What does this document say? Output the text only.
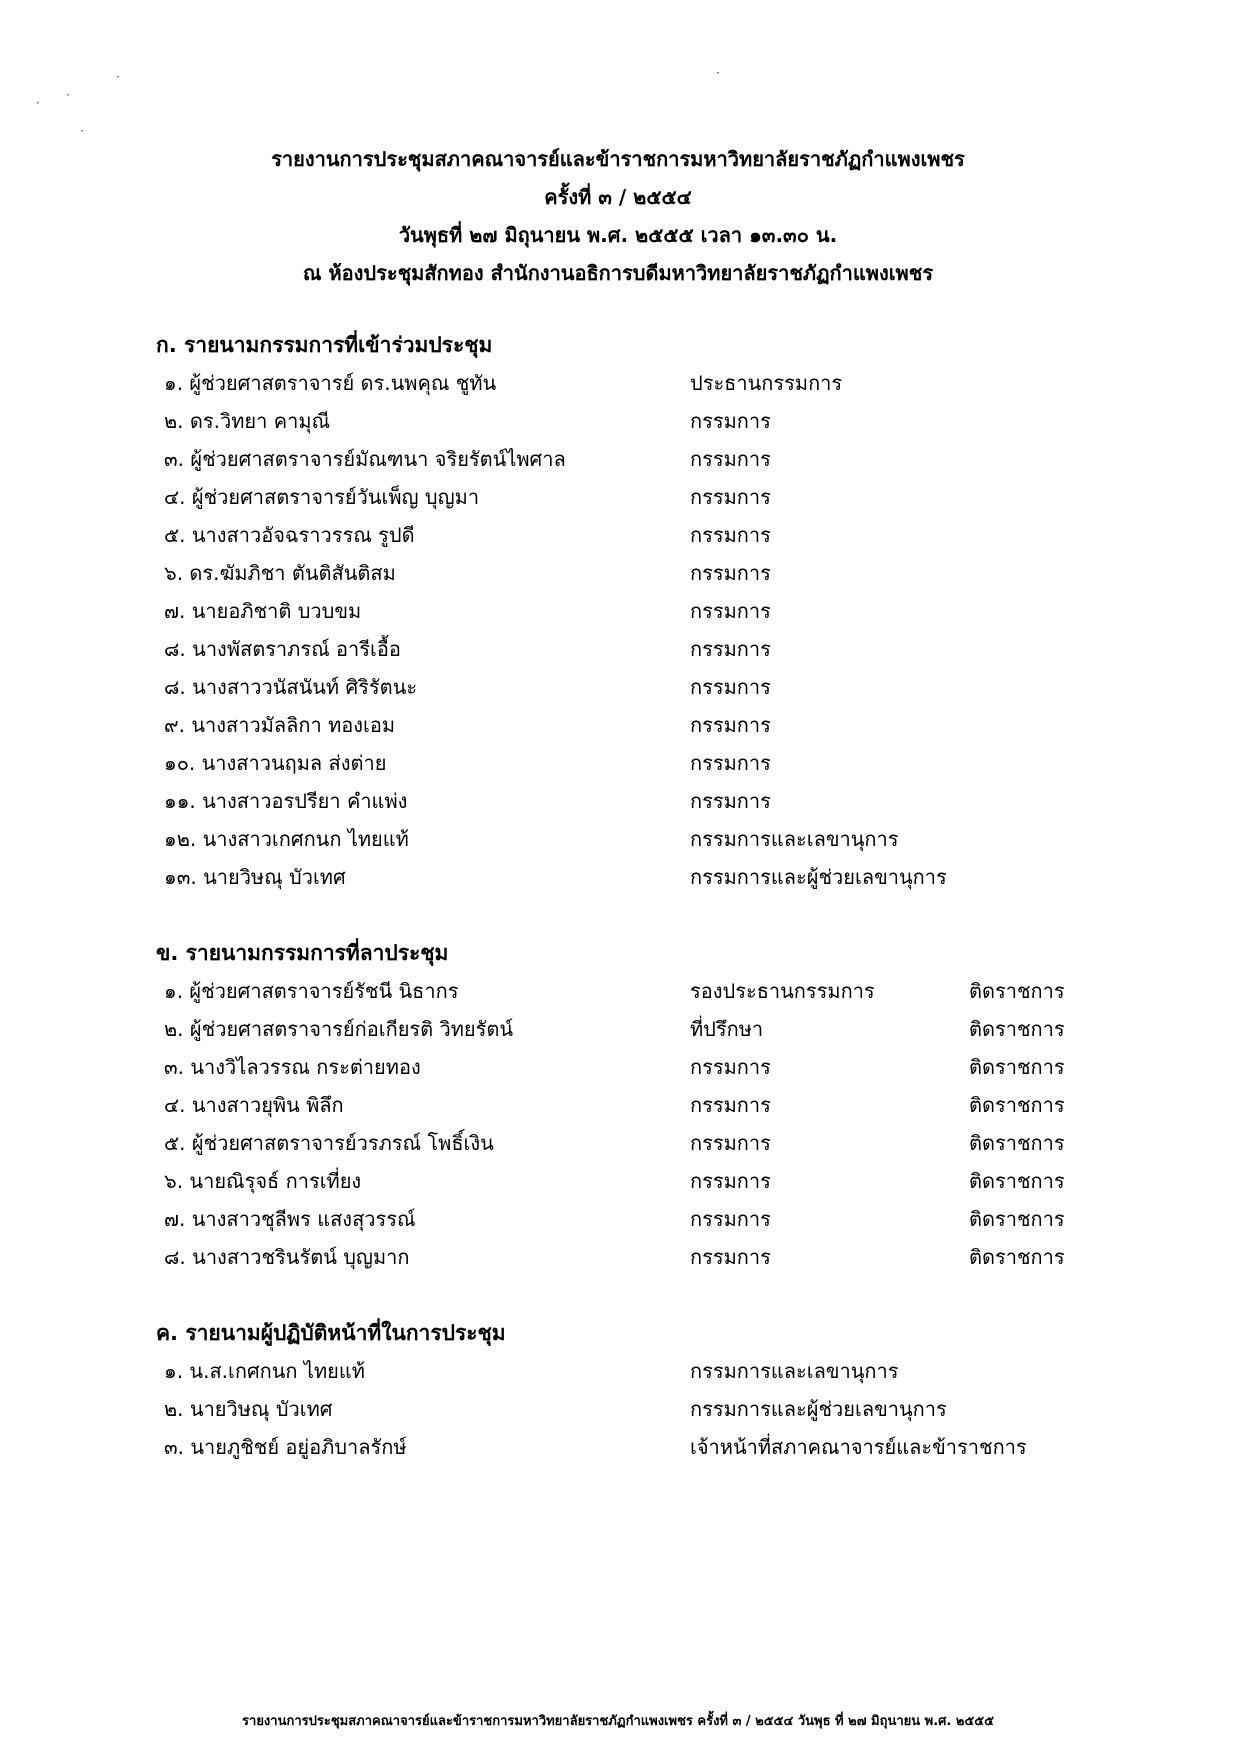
·
·
·
·
·
รายงานการประชุมสภาคณาจารย์และข้าราชการมหาวิทยาลัยราชภัฏกำแพงเพชร
ครั้งที่ ๓ / ๒๕๕๔
วันพุธที่ ๒๗ มิถุนายน พ.ศ. ๒๕๕๕ เวลา ๑๓.๓๐ น.
ณ ห้องประชุมสักทอง สำนักงานอธิการบดีมหาวิทยาลัยราชภัฏกำแพงเพชร
ก. รายนามกรรมการที่เข้าร่วมประชุม
๑. ผู้ช่วยศาสตราจารย์ ดร.นพคุณ ชูทัน	ประธานกรรมการ
๒. ดร.วิทยา คามุณี	กรรมการ
๓. ผู้ช่วยศาสตราจารย์มัณฑนา จริยรัตน์ไพศาล	กรรมการ
๔. ผู้ช่วยศาสตราจารย์วันเพ็ญ บุญมา	กรรมการ
๕. นางสาวอัจฉราวรรณ รูปดี	กรรมการ
๖. ดร.ฆัมภิชา ตันติสันติสม	กรรมการ
๗. นายอภิชาติ บวบขม	กรรมการ
๘. นางพัสตราภรณ์ อารีเอื้อ	กรรมการ
๘. นางสาววนัสนันท์ ศิริรัตนะ	กรรมการ
๙. นางสาวมัลลิกา ทองเอม	กรรมการ
๑๐. นางสาวนฤมล ส่งต่าย	กรรมการ
๑๑. นางสาวอรปรียา คำแพ่ง	กรรมการ
๑๒. นางสาวเกศกนก ไทยแท้	กรรมการและเลขานุการ
๑๓. นายวิษณุ บัวเทศ	กรรมการและผู้ช่วยเลขานุการ
ข. รายนามกรรมการที่ลาประชุม
๑. ผู้ช่วยศาสตราจารย์รัชนี นิธากร	รองประธานกรรมการ	ติดราชการ
๒. ผู้ช่วยศาสตราจารย์ก่อเกียรติ วิทยรัตน์	ที่ปรึกษา	ติดราชการ
๓. นางวิไลวรรณ กระต่ายทอง	กรรมการ	ติดราชการ
๔. นางสาวยุพิน พิลึก	กรรมการ	ติดราชการ
๕. ผู้ช่วยศาสตราจารย์วรภรณ์ โพธิ์เงิน	กรรมการ	ติดราชการ
๖. นายณิรุจธ์ การเที่ยง	กรรมการ	ติดราชการ
๗. นางสาวชุลีพร แสงสุวรรณ์	กรรมการ	ติดราชการ
๘. นางสาวชรินรัตน์ บุญมาก	กรรมการ	ติดราชการ
ค. รายนามผู้ปฏิบัติหน้าที่ในการประชุม
๑. น.ส.เกศกนก ไทยแท้	กรรมการและเลขานุการ
๒. นายวิษณุ บัวเทศ	กรรมการและผู้ช่วยเลขานุการ
๓. นายภูชิชย์ อยู่อภิบาลรักษ์	เจ้าหน้าที่สภาคณาจารย์และข้าราชการ
รายงานการประชุมสภาคณาจารย์และข้าราชการมหาวิทยาลัยราชภัฏกำแพงเพชร ครั้งที่ ๓ / ๒๕๕๔ วันพุธ ที่ ๒๗ มิถุนายน พ.ศ. ๒๕๕๕
